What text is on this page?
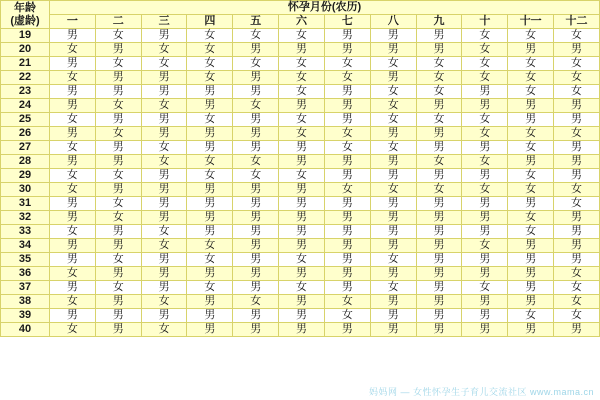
年龄
(虚龄)	怀孕月份(农历)											
	一	二	三	四	五	六	七	八	九	十	十一	十二
19	男	女	男	女	女	女	男	男	男	女	女	女
20	女	男	女	女	男	男	男	男	男	女	男	男
21	男	女	女	女	女	女	女	女	女	女	女	女
22	女	男	男	女	男	女	女	男	女	女	女	女
23	男	男	男	男	男	女	男	女	女	男	女	女
24	男	女	女	男	女	男	男	女	男	男	男	男
25	女	男	男	女	男	女	男	女	女	女	男	男
26	男	女	男	男	男	女	女	男	男	女	女	女
27	女	男	女	男	男	男	女	女	男	男	女	男
28	男	男	女	女	女	男	男	男	女	女	男	男
29	女	女	男	女	女	女	男	男	男	男	女	男
30	女	男	男	男	男	男	女	女	女	女	女	女
31	男	女	男	男	男	男	男	男	男	男	男	女
32	男	女	男	男	男	男	男	男	男	男	女	男
33	女	男	女	男	男	男	男	男	男	男	女	男
34	男	男	女	女	男	男	男	男	男	女	男	男
35	男	女	男	女	男	女	男	女	男	男	男	男
36	女	男	男	男	男	男	男	男	男	男	男	女
37	男	女	男	女	男	女	男	女	男	女	男	女
38	女	男	女	男	女	男	女	男	男	男	男	女
39	男	男	男	男	男	男	女	男	男	男	女	女
40	女	男	女	男	男	男	男	男	男	男	男	男
妈妈网 — 女性怀孕生子育儿交流社区 www.mama.cn
